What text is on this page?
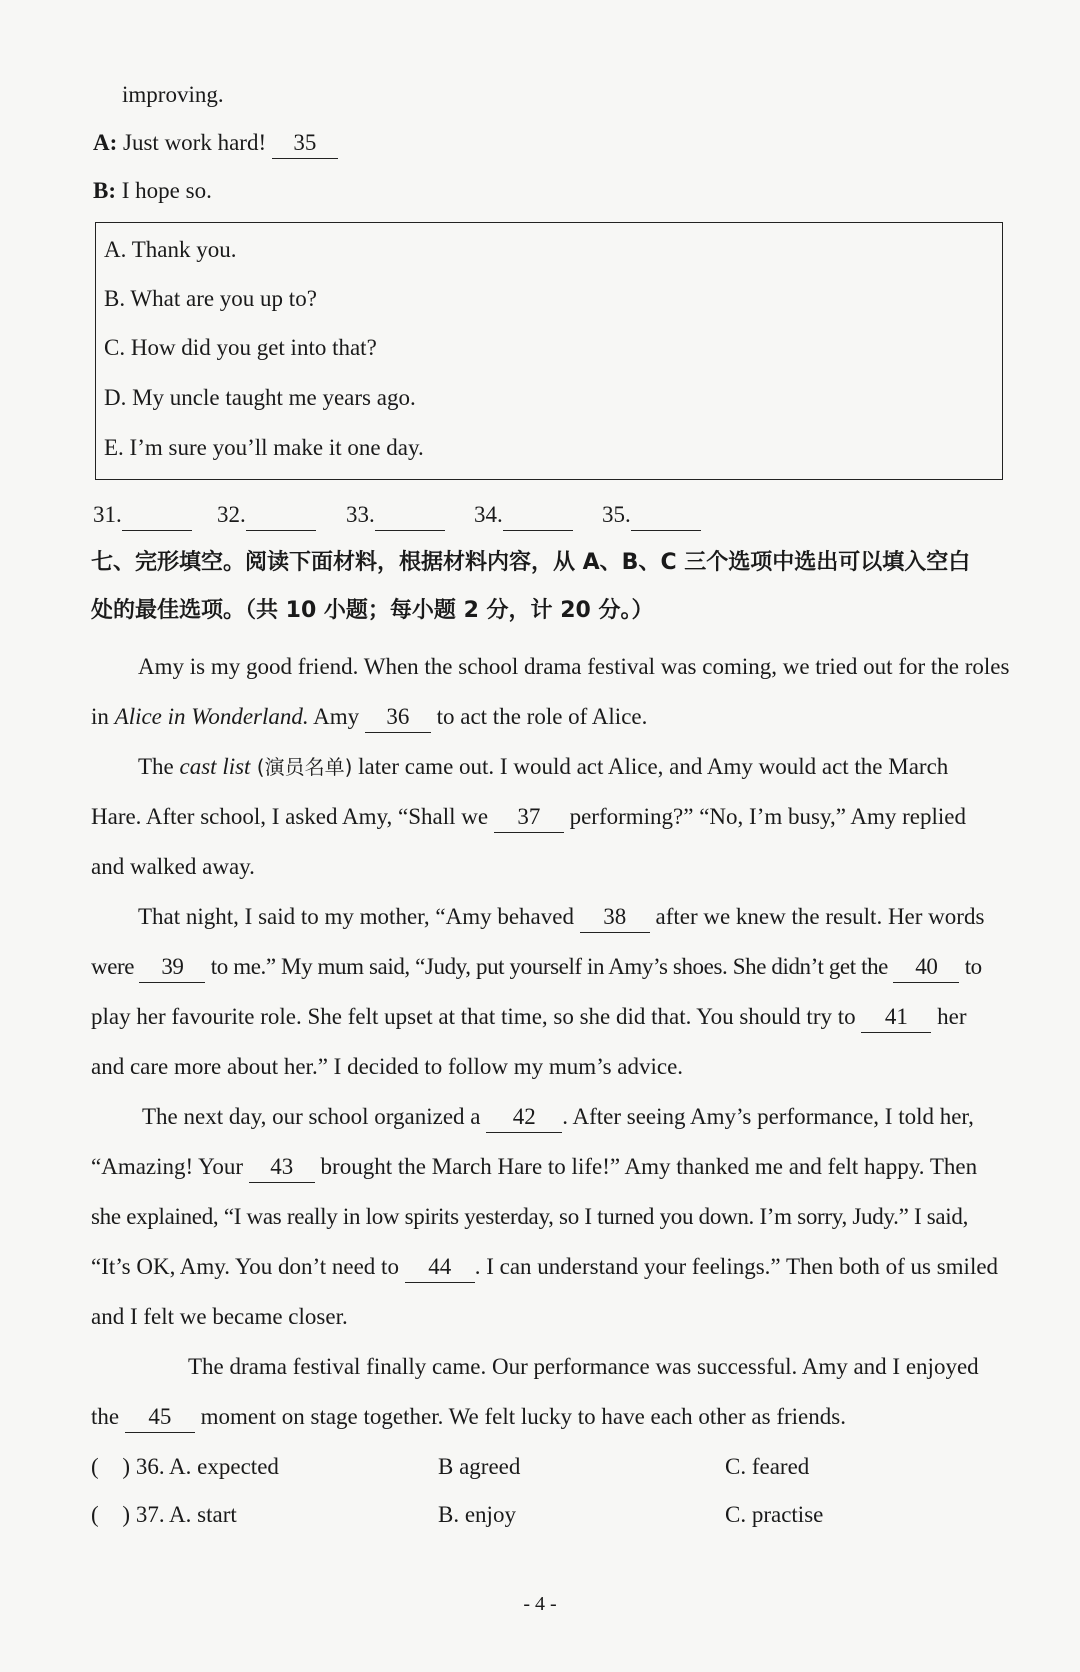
improving.
A: Just work hard! 35
B: I hope so.
A. Thank you.
B. What are you up to?
C. How did you get into that?
D. My uncle taught me years ago.
E. I’m sure you’ll make it one day.
31.	32.	33.	34.	35.
七、完形填空。阅读下面材料，根据材料内容，从 A、B、C 三个选项中选出可以填入空白
处的最佳选项。（共 10 小题；每小题 2 分，计 20 分。）
Amy is my good friend. When the school drama festival was coming, we tried out for the roles
in Alice in Wonderland. Amy 36 to act the role of Alice.
The cast list (演员名单) later came out. I would act Alice, and Amy would act the March
Hare. After school, I asked Amy, “Shall we 37 performing?” “No, I’m busy,” Amy replied
and walked away.
That night, I said to my mother, “Amy behaved 38 after we knew the result. Her words
were 39 to me.” My mum said, “Judy, put yourself in Amy’s shoes. She didn’t get the 40 to
play her favourite role. She felt upset at that time, so she did that. You should try to 41 her
and care more about her.” I decided to follow my mum’s advice.
The next day, our school organized a 42 . After seeing Amy’s performance, I told her,
“Amazing! Your 43 brought the March Hare to life!” Amy thanked me and felt happy. Then
she explained, “I was really in low spirits yesterday, so I turned you down. I’m sorry, Judy.” I said,
“It’s OK, Amy. You don’t need to 44 . I can understand your feelings.” Then both of us smiled
and I felt we became closer.
The drama festival finally came. Our performance was successful. Amy and I enjoyed
the 45 moment on stage together. We felt lucky to have each other as friends.
( ) 36. A. expected	B agreed	C. feared
( ) 37. A. start	B. enjoy	C. practise
- 4 -
